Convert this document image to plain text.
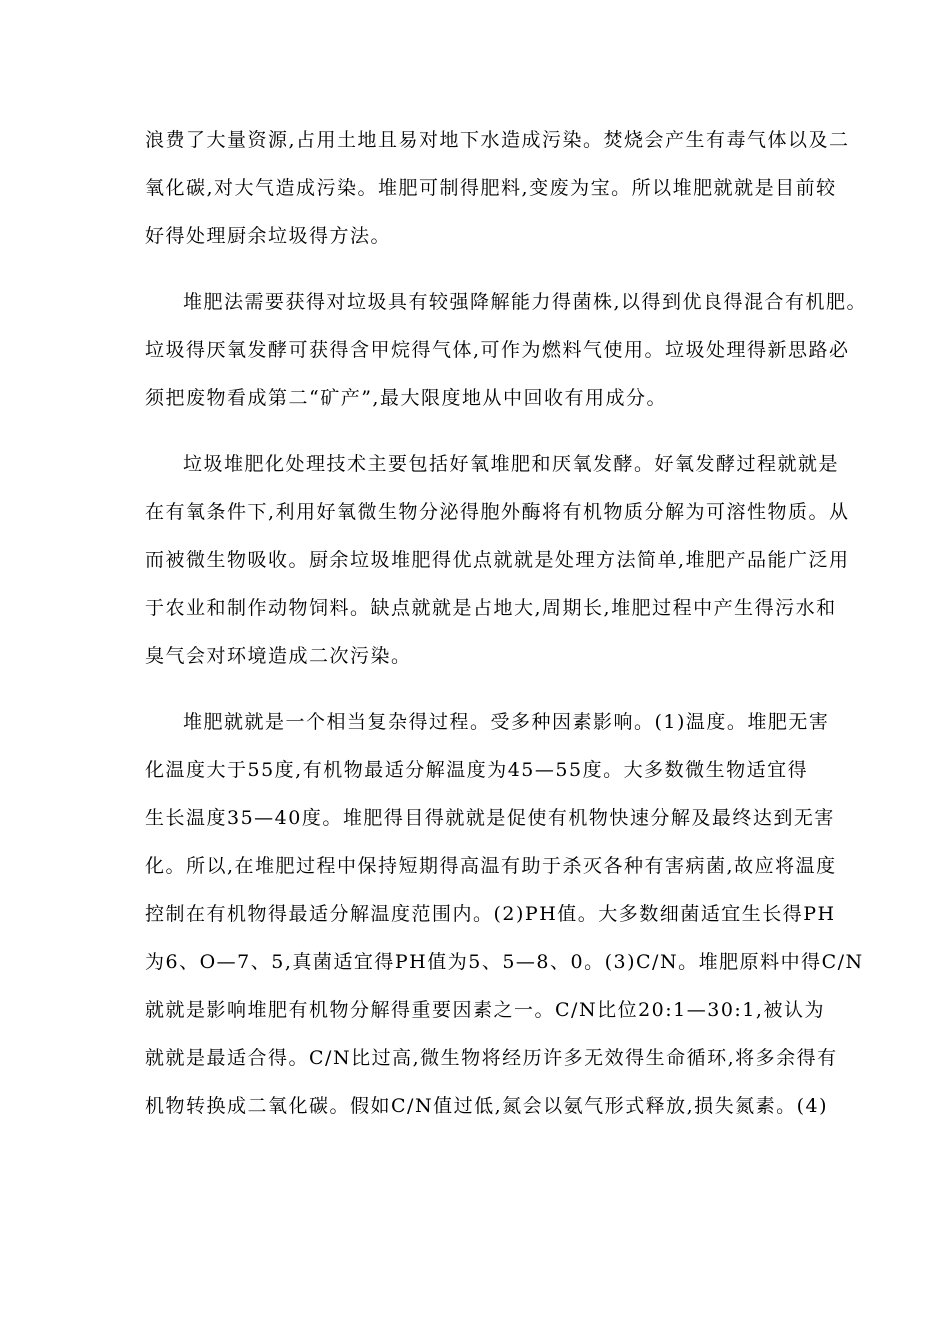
浪费了大量资源,占用土地且易对地下水造成污染。焚烧会产生有毒气体以及二
氧化碳,对大气造成污染。堆肥可制得肥料,变废为宝。所以堆肥就就是目前较
好得处理厨余垃圾得方法。
堆肥法需要获得对垃圾具有较强降解能力得菌株,以得到优良得混合有机肥。
垃圾得厌氧发酵可获得含甲烷得气体,可作为燃料气使用。垃圾处理得新思路必
须把废物看成第二“矿产”,最大限度地从中回收有用成分。
垃圾堆肥化处理技术主要包括好氧堆肥和厌氧发酵。好氧发酵过程就就是
在有氧条件下,利用好氧微生物分泌得胞外酶将有机物质分解为可溶性物质。从
而被微生物吸收。厨余垃圾堆肥得优点就就是处理方法简单,堆肥产品能广泛用
于农业和制作动物饲料。缺点就就是占地大,周期长,堆肥过程中产生得污水和
臭气会对环境造成二次污染。
堆肥就就是一个相当复杂得过程。受多种因素影响。(1)温度。堆肥无害
化温度大于55度,有机物最适分解温度为45—55度。大多数微生物适宜得
生长温度35—40度。堆肥得目得就就是促使有机物快速分解及最终达到无害
化。所以,在堆肥过程中保持短期得高温有助于杀灭各种有害病菌,故应将温度
控制在有机物得最适分解温度范围内。(2)PH值。大多数细菌适宜生长得PH
为6、O—7、5,真菌适宜得PH值为5、5—8、0。(3)C/N。堆肥原料中得C/N
就就是影响堆肥有机物分解得重要因素之一。C/N比位20:1—30:1,被认为
就就是最适合得。C/N比过高,微生物将经历许多无效得生命循环,将多余得有
机物转换成二氧化碳。假如C/N值过低,氮会以氨气形式释放,损失氮素。(4)
